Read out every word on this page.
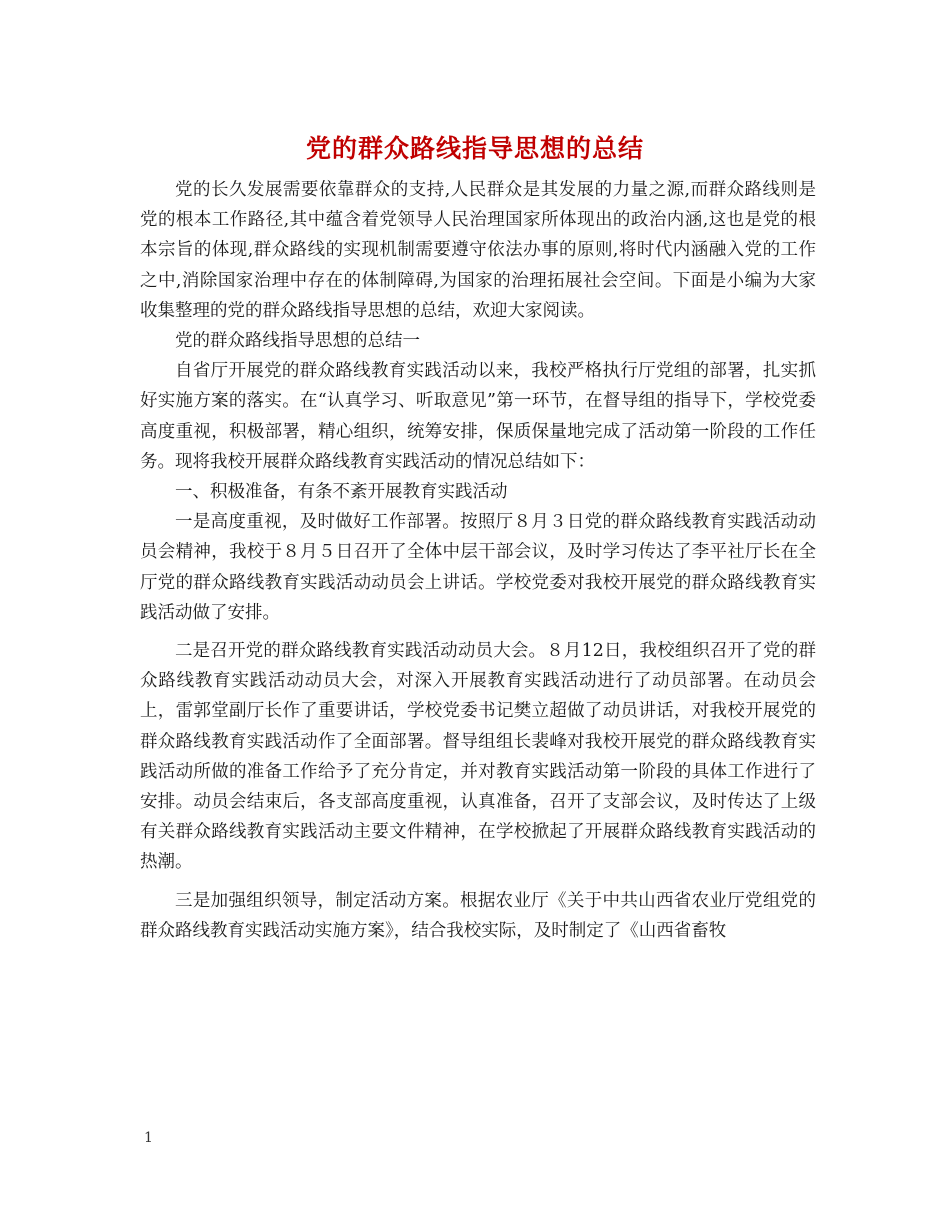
党的群众路线指导思想的总结

党的长久发展需要依靠群众的支持,人民群众是其发展的力量之源,而群众路线则是党的根本工作路径,其中蕴含着党领导人民治理国家所体现出的政治内涵,这也是党的根本宗旨的体现,群众路线的实现机制需要遵守依法办事的原则,将时代内涵融入党的工作之中,消除国家治理中存在的体制障碍,为国家的治理拓展社会空间。下面是小编为大家收集整理的党的群众路线指导思想的总结，欢迎大家阅读。

党的群众路线指导思想的总结一

自省厅开展党的群众路线教育实践活动以来，我校严格执行厅党组的部署，扎实抓好实施方案的落实。在“认真学习、听取意见”第一环节，在督导组的指导下，学校党委高度重视，积极部署，精心组织，统筹安排，保质保量地完成了活动第一阶段的工作任务。现将我校开展群众路线教育实践活动的情况总结如下：

一、积极准备，有条不紊开展教育实践活动

一是高度重视，及时做好工作部署。按照厅８月３日党的群众路线教育实践活动动员会精神，我校于８月５日召开了全体中层干部会议，及时学习传达了李平社厅长在全厅党的群众路线教育实践活动动员会上讲话。学校党委对我校开展党的群众路线教育实践活动做了安排。

二是召开党的群众路线教育实践活动动员大会。８月12日，我校组织召开了党的群众路线教育实践活动动员大会，对深入开展教育实践活动进行了动员部署。在动员会上，雷郭堂副厅长作了重要讲话，学校党委书记樊立超做了动员讲话，对我校开展党的群众路线教育实践活动作了全面部署。督导组组长裴峰对我校开展党的群众路线教育实践活动所做的准备工作给予了充分肯定，并对教育实践活动第一阶段的具体工作进行了安排。动员会结束后，各支部高度重视，认真准备，召开了支部会议，及时传达了上级有关群众路线教育实践活动主要文件精神，在学校掀起了开展群众路线教育实践活动的热潮。

三是加强组织领导，制定活动方案。根据农业厅《关于中共山西省农业厅党组党的群众路线教育实践活动实施方案》，结合我校实际，及时制定了《山西省畜牧

1
